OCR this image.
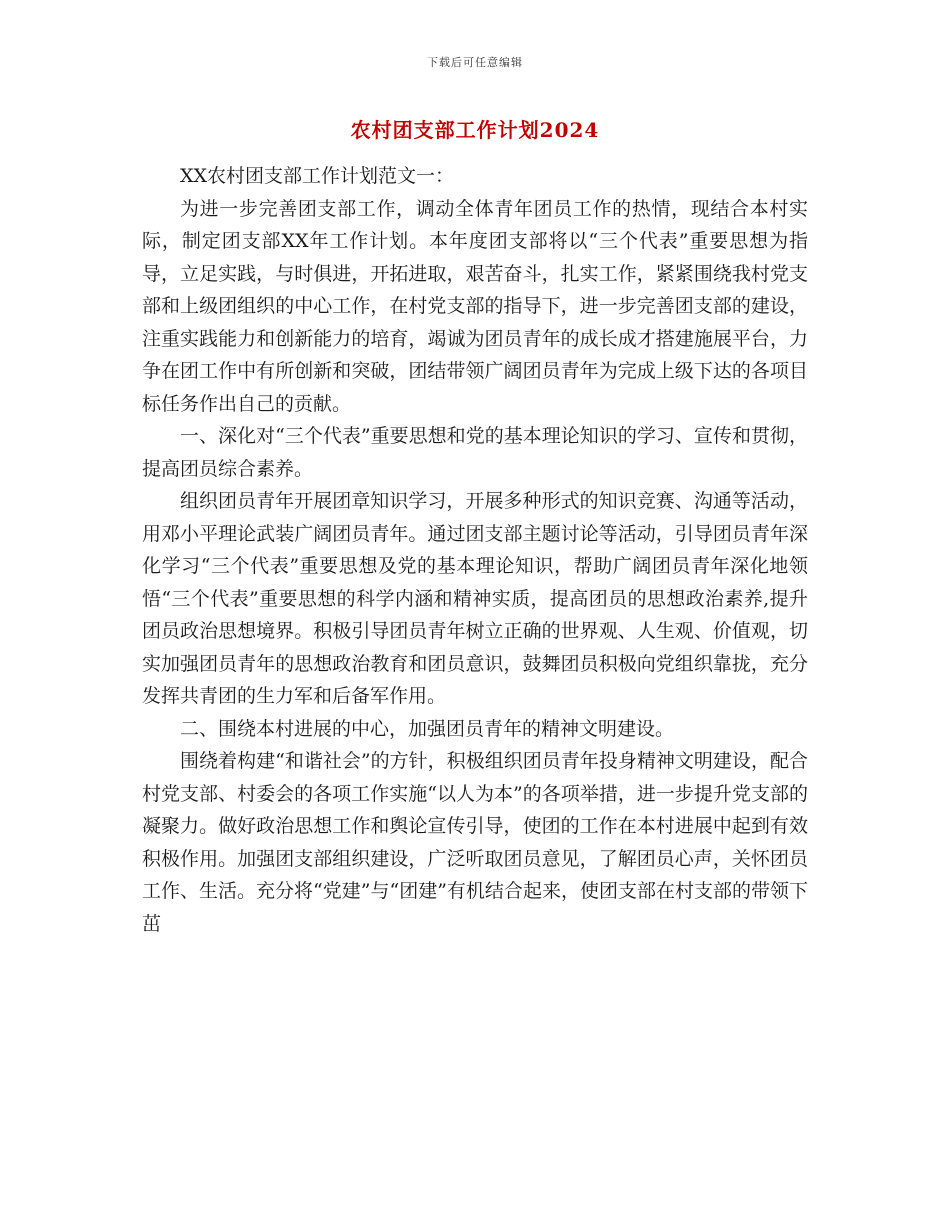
下载后可任意编辑
农村团支部工作计划2024

XX农村团支部工作计划范文一：

为进一步完善团支部工作，调动全体青年团员工作的热情，现结合本村实际，制定团支部XX年工作计划。本年度团支部将以“三个代表”重要思想为指导，立足实践，与时俱进，开拓进取，艰苦奋斗，扎实工作，紧紧围绕我村党支部和上级团组织的中心工作，在村党支部的指导下，进一步完善团支部的建设，注重实践能力和创新能力的培育，竭诚为团员青年的成长成才搭建施展平台，力争在团工作中有所创新和突破，团结带领广阔团员青年为完成上级下达的各项目标任务作出自己的贡献。

一、深化对“三个代表”重要思想和党的基本理论知识的学习、宣传和贯彻，提高团员综合素养。

组织团员青年开展团章知识学习，开展多种形式的知识竞赛、沟通等活动，用邓小平理论武装广阔团员青年。通过团支部主题讨论等活动，引导团员青年深化学习“三个代表”重要思想及党的基本理论知识，帮助广阔团员青年深化地领悟“三个代表”重要思想的科学内涵和精神实质，提高团员的思想政治素养,提升团员政治思想境界。积极引导团员青年树立正确的世界观、人生观、价值观，切实加强团员青年的思想政治教育和团员意识，鼓舞团员积极向党组织靠拢，充分发挥共青团的生力军和后备军作用。

二、围绕本村进展的中心，加强团员青年的精神文明建设。

围绕着构建“和谐社会”的方针，积极组织团员青年投身精神文明建设，配合村党支部、村委会的各项工作实施“以人为本”的各项举措，进一步提升党支部的凝聚力。做好政治思想工作和舆论宣传引导，使团的工作在本村进展中起到有效积极作用。加强团支部组织建设，广泛听取团员意见，了解团员心声，关怀团员工作、生活。充分将“党建”与“团建”有机结合起来，使团支部在村支部的带领下茁
